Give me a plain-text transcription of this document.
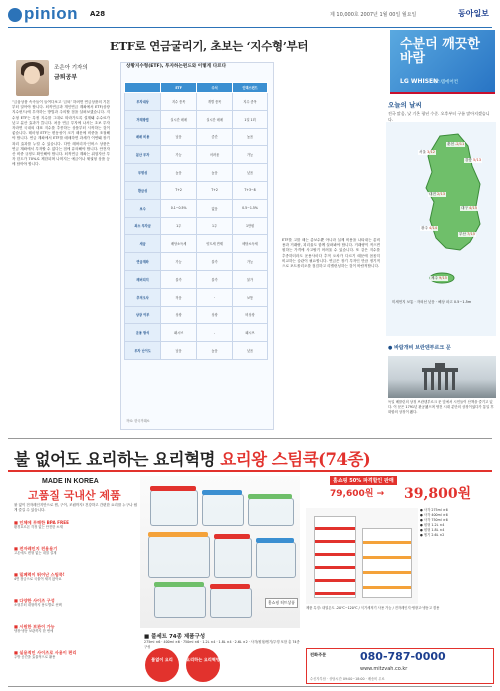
pinion A28	제 10,000호 2007년 1월 00일 월요일	동아일보
ETF로 연금굴리기, 초보는 ‘지수형’부터
조은아 기자의
금퇴공부
“금융상품 속속들이 들여다보고 ‘금퇴’ 하려면 연금상품의 기본부터 알아야 합니다. 퇴직연금과 개인연금 계좌에서 ETF(상장지수펀드)에 투자하는 방법과 주의할 점을 살펴보겠습니다. 지수형 ETF는 특정 지수를 그대로 따라가도록 설계돼 수수료가 낮고 분산 효과가 큽니다. 처음 연금 투자에 나서는 초보 투자자라면 국내외 대표 지수를 추종하는 상품부터 시작하는 것이 좋습니다. 테마형 ETF는 변동성이 크기 때문에 비중을 조절해야 합니다. 연금 계좌에서 ETF를 매매하면 과세가 이연돼 장기 복리 효과를 누릴 수 있습니다. 다만 레버리지·인버스 상품은 연금 계좌에서 투자할 수 없다는 점에 유의해야 합니다. 안전자산 비중 규정도 확인해야 합니다. 퇴직연금 계좌는 위험자산 투자 한도가 70%로 제한되며 나머지는 예금이나 채권형 상품 등에 담아야 합니다.
상황지수형(ETF), 투자하는펀드와 이렇게 다르다
	ETF	주식	인덱스펀드
투자대상	지수 종목	개별 종목	지수 종목
거래방법	실시간 매매	실시간 매매	1일 1회
매매 비용	낮음	중간	높음
분산 투자	가능	어려움	가능
투명성	높음	높음	낮음
환금성	T+2	T+2	T+3~8
보수	0.1~0.5%	없음	0.5~1.5%
최소 투자금	1주	1주	1만원
세금	배당소득세	양도세 면제	배당소득세
연금계좌	가능	불가	가능
레버리지	불가	불가	불가
추적오차	작음	-	보통
상장 여부	상장	상장	비상장
운용 방식	패시브	-	패시브
투자 난이도	낮음	높음	낮음
자료: 한국거래소
ETF를 고를 때는 총보수뿐 아니라 실제 비용을 나타내는 총비용과 거래량, 괴리율도 함께 살펴봐야 합니다. 거래량이 적으면 원하는 가격에 사고팔기 어려울 수 있습니다. 또 같은 지수를 추종하더라도 운용사마다 추적 오차가 다르기 때문에 꼼꼼히 비교하는 습관이 필요합니다. 연금은 장기 투자인 만큼 정기적으로 포트폴리오를 점검하고 리밸런싱하는 것이 바람직합니다.
수분더 깨끗한 바람
LG WHISEN
시스템에어컨
오늘의 날씨
전국 맑음, 낮 기온 평년 수준. 오후부터 구름 많아지겠습니다.
서울3/12
춘천-2/11
강릉5/13
대전2/13
대구4/15
광주4/14
부산7/15
제주9/15
미세먼지 보통 · 자외선 낮음 · 해상 파고 0.5~1.5m
● 바람개비 브란덴부르크 문
독일 베를린의 상징 브란덴부르크 문 앞에서 시민들이 산책을 즐기고 있다. 이 문은 1791년 완공됐으며 냉전 시대 분단의 상징이었다가 통일 후 화합의 상징이 됐다.
불 없어도 요리하는 요리혁명 요리왕 스팀쿡(74종)
MADE IN KOREA
고품질 국내산 제품
불 없이 전자레인지만으로 찜, 구이, 조림까지! 건강하고 간편한 요리를 누구나 쉽게 즐길 수 있습니다.
■ 인체에 무해한 BPA FREE
환경호르몬 걱정 없는 안전한 소재
■ 전자레인지 전용용기
고온에도 변형 없는 내열 설계
■ 밀폐력이 뛰어난 스팀쿡!
4면 잠금으로 국물이 새지 않아요
■ 다양한 사이즈 구성
소형부터 대형까지 용도별로 선택
■ 시원한 보관이 가능
냉장·냉동 보관까지 한 번에
■ 실용적인 사이즈로 사용이 편리
주방 공간을 효율적으로 활용
홈쇼핑 히트상품
■ 풀세트 74종 제품구성
275ml ×6 · 400ml ×6 · 750ml ×6 · 1.2L ×4 · 1.8L ×4 · 2.6L ×2 · 사각/원형/찜기/뚜껑 포함 총 74종 구성
불없이 요리	요리하는 요리혁명
홈쇼핑 50% 파격할인 판매
79,600원 → 39,800원
● 사각 275ml ×6
● 사각 400ml ×6
● 사각 750ml ×6
● 원형 1.2L ×4
● 원형 1.8L ×4
● 찜기 2.6L ×2
제품 특징: 내열온도 -20℃~120℃ / 식기세척기 사용 가능 / 전자레인지·냉장고·냉동고 겸용
전화주문	080-787-0000
www.mitzvah.co.kr
수신자부담 · 상담시간 09:00~18:00 · 배송비 무료
